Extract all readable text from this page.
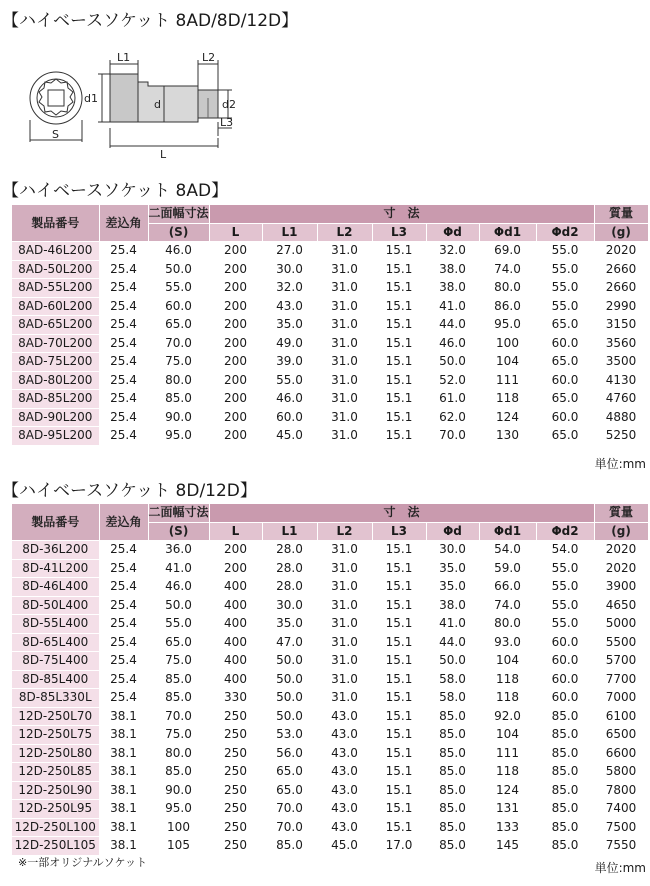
【ハイベースソケット 8AD/8D/12D】
L1	L2
L3
d1	d2
d
S
L
【ハイベースソケット 8AD】
製品番号	差込角	二面幅寸法	寸　法							質量
		(S)	L	L1	L2	L3	Φd	Φd1	Φd2	(g)
8AD-46L200	25.4	46.0	200	27.0	31.0	15.1	32.0	69.0	55.0	2020
8AD-50L200	25.4	50.0	200	30.0	31.0	15.1	38.0	74.0	55.0	2660
8AD-55L200	25.4	55.0	200	32.0	31.0	15.1	38.0	80.0	55.0	2660
8AD-60L200	25.4	60.0	200	43.0	31.0	15.1	41.0	86.0	55.0	2990
8AD-65L200	25.4	65.0	200	35.0	31.0	15.1	44.0	95.0	65.0	3150
8AD-70L200	25.4	70.0	200	49.0	31.0	15.1	46.0	100	60.0	3560
8AD-75L200	25.4	75.0	200	39.0	31.0	15.1	50.0	104	65.0	3500
8AD-80L200	25.4	80.0	200	55.0	31.0	15.1	52.0	111	60.0	4130
8AD-85L200	25.4	85.0	200	46.0	31.0	15.1	61.0	118	65.0	4760
8AD-90L200	25.4	90.0	200	60.0	31.0	15.1	62.0	124	60.0	4880
8AD-95L200	25.4	95.0	200	45.0	31.0	15.1	70.0	130	65.0	5250
単位:mm
【ハイベースソケット 8D/12D】
製品番号	差込角	二面幅寸法	寸　法							質量
		(S)	L	L1	L2	L3	Φd	Φd1	Φd2	(g)
8D-36L200	25.4	36.0	200	28.0	31.0	15.1	30.0	54.0	54.0	2020
8D-41L200	25.4	41.0	200	28.0	31.0	15.1	35.0	59.0	55.0	2020
8D-46L400	25.4	46.0	400	28.0	31.0	15.1	35.0	66.0	55.0	3900
8D-50L400	25.4	50.0	400	30.0	31.0	15.1	38.0	74.0	55.0	4650
8D-55L400	25.4	55.0	400	35.0	31.0	15.1	41.0	80.0	55.0	5000
8D-65L400	25.4	65.0	400	47.0	31.0	15.1	44.0	93.0	60.0	5500
8D-75L400	25.4	75.0	400	50.0	31.0	15.1	50.0	104	60.0	5700
8D-85L400	25.4	85.0	400	50.0	31.0	15.1	58.0	118	60.0	7700
8D-85L330L	25.4	85.0	330	50.0	31.0	15.1	58.0	118	60.0	7000
12D-250L70	38.1	70.0	250	50.0	43.0	15.1	85.0	92.0	85.0	6100
12D-250L75	38.1	75.0	250	53.0	43.0	15.1	85.0	104	85.0	6500
12D-250L80	38.1	80.0	250	56.0	43.0	15.1	85.0	111	85.0	6600
12D-250L85	38.1	85.0	250	65.0	43.0	15.1	85.0	118	85.0	5800
12D-250L90	38.1	90.0	250	65.0	43.0	15.1	85.0	124	85.0	7800
12D-250L95	38.1	95.0	250	70.0	43.0	15.1	85.0	131	85.0	7400
12D-250L100	38.1	100	250	70.0	43.0	15.1	85.0	133	85.0	7500
12D-250L105	38.1	105	250	85.0	45.0	17.0	85.0	145	85.0	7550
※一部オリジナルソケット	単位:mm
